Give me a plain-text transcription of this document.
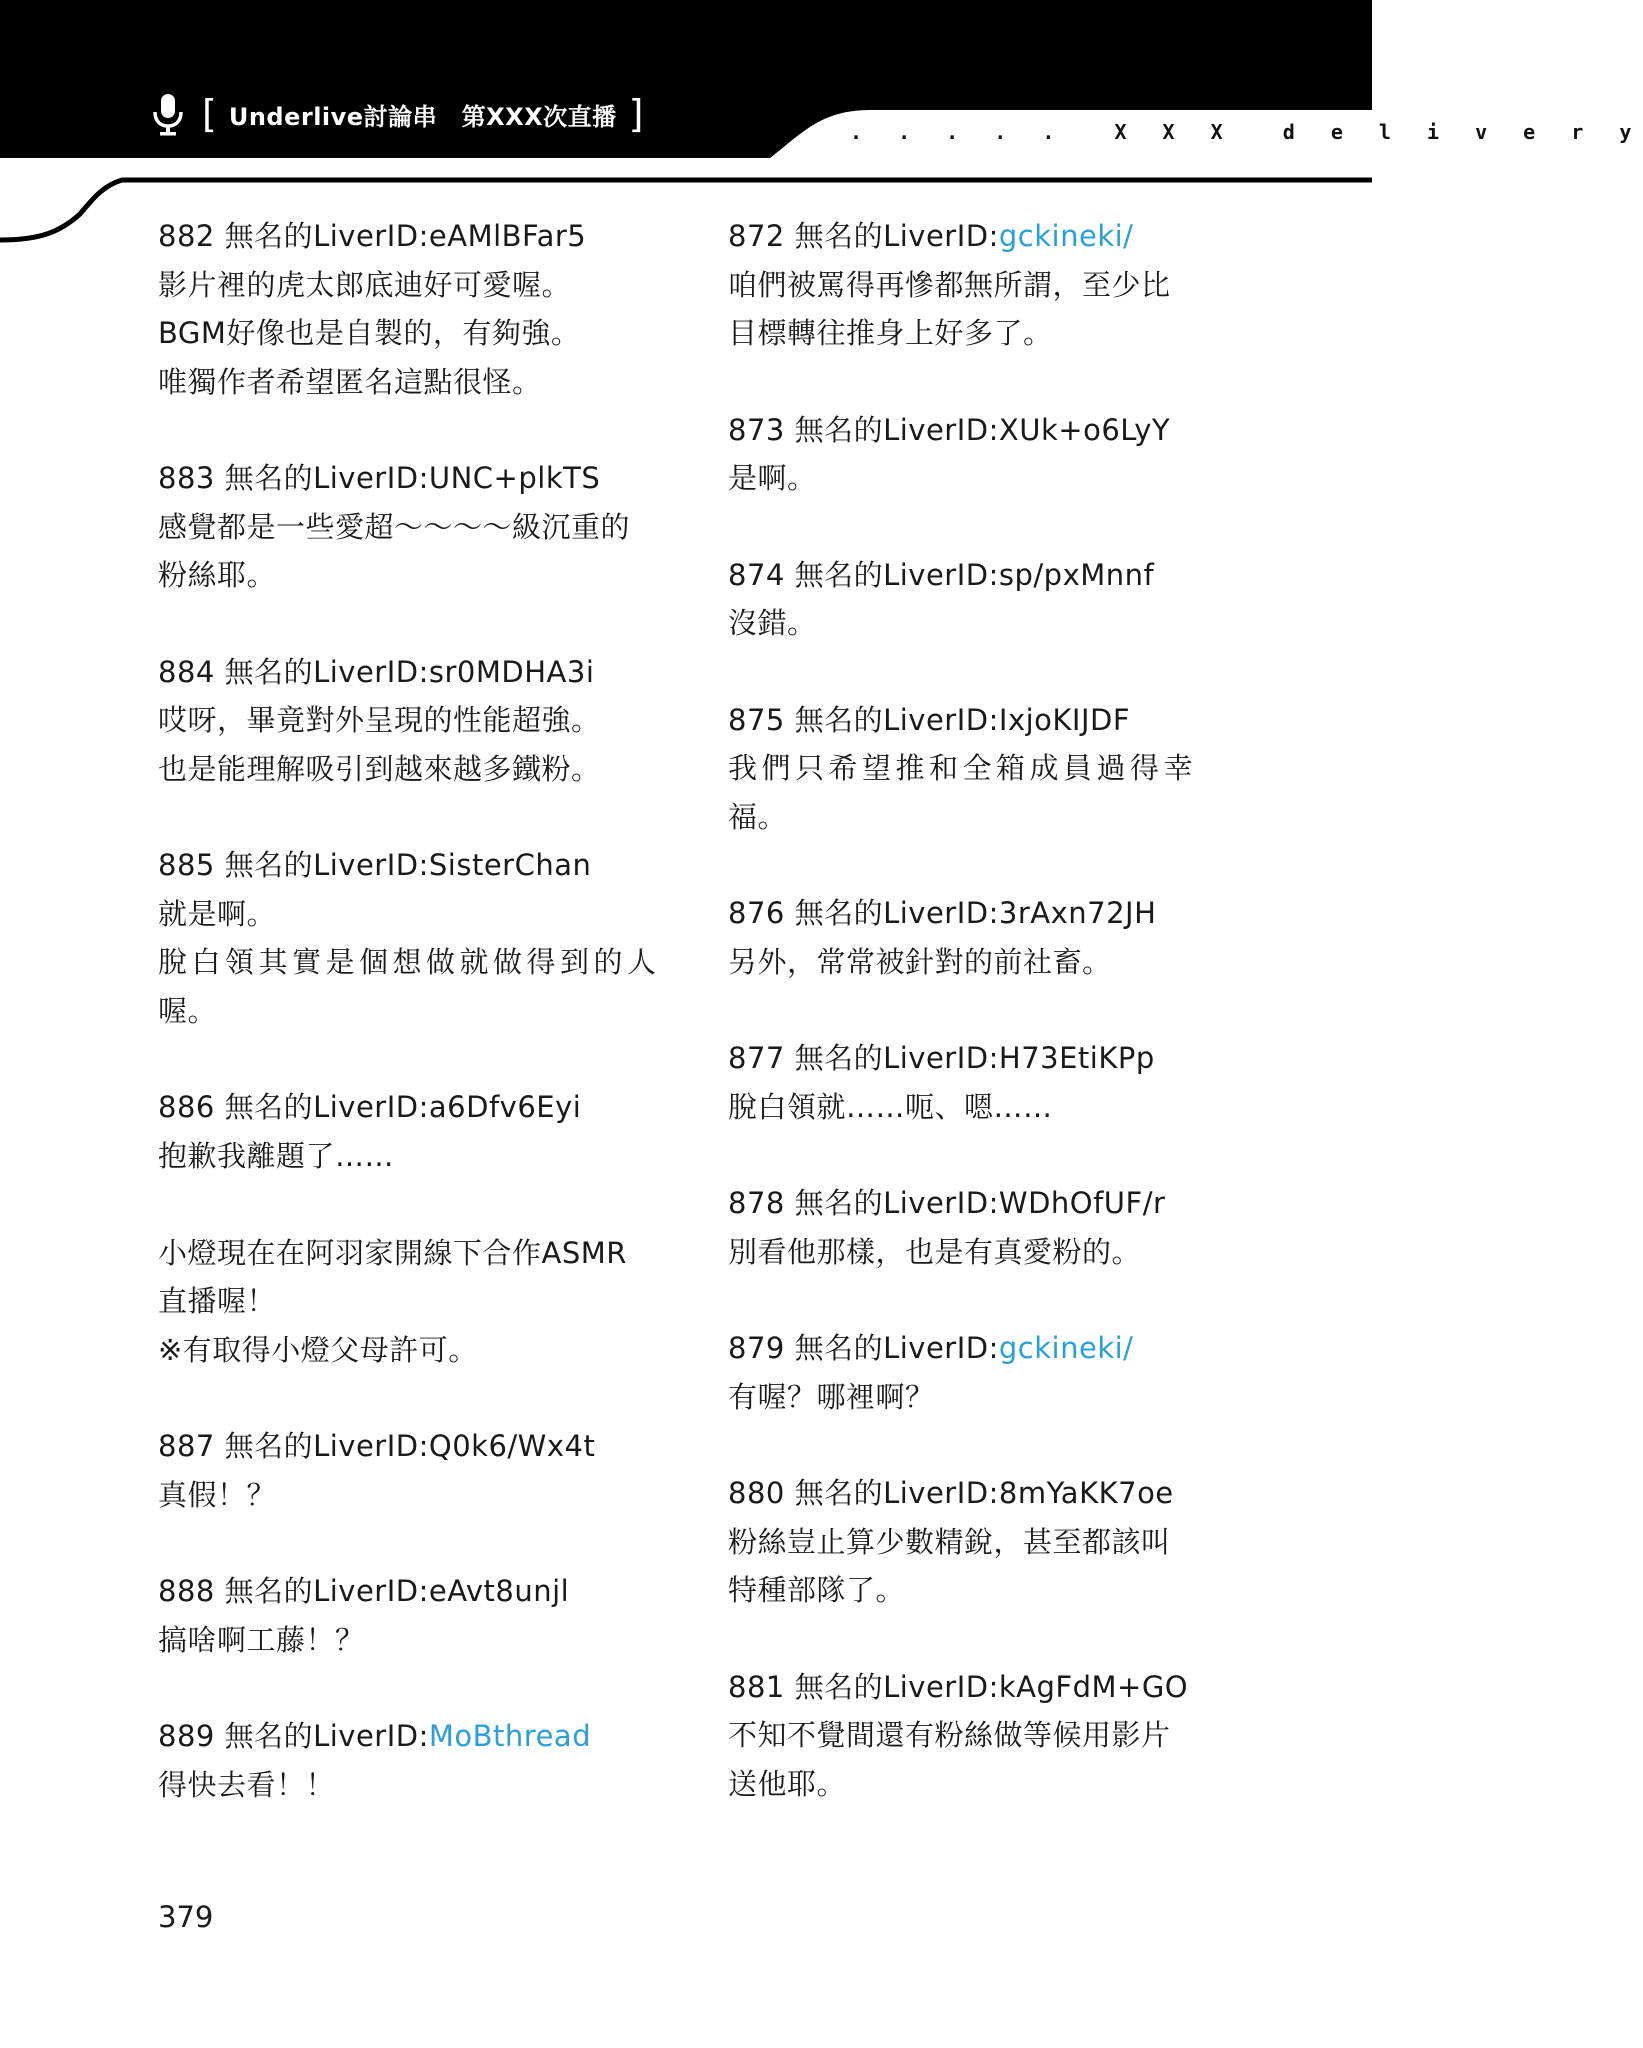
[ Underlive討論串　第XXX次直播 ]	. . . . .  X X X  d e l i v e r y
882 無名的LiverID:eAMlBFar5
影片裡的虎太郎底迪好可愛喔。
BGM好像也是自製的，有夠強。
唯獨作者希望匿名這點很怪。
883 無名的LiverID:UNC+plkTS
感覺都是一些愛超〜〜〜〜級沉重的
粉絲耶。
884 無名的LiverID:sr0MDHA3i
哎呀，畢竟對外呈現的性能超強。
也是能理解吸引到越來越多鐵粉。
885 無名的LiverID:SisterChan
就是啊。
脫白領其實是個想做就做得到的人
喔。
886 無名的LiverID:a6Dfv6Eyi
抱歉我離題了……
小燈現在在阿羽家開線下合作ASMR
直播喔！
※有取得小燈父母許可。
887 無名的LiverID:Q0k6/Wx4t
真假！？
888 無名的LiverID:eAvt8unjl
搞啥啊工藤！？
889 無名的LiverID:MoBthread
得快去看！！
872 無名的LiverID:gckineki/
咱們被罵得再慘都無所謂，至少比
目標轉往推身上好多了。
873 無名的LiverID:XUk+o6LyY
是啊。
874 無名的LiverID:sp/pxMnnf
沒錯。
875 無名的LiverID:IxjoKIJDF
我們只希望推和全箱成員過得幸
福。
876 無名的LiverID:3rAxn72JH
另外，常常被針對的前社畜。
877 無名的LiverID:H73EtiKPp
脫白領就……呃、嗯……
878 無名的LiverID:WDhOfUF/r
別看他那樣，也是有真愛粉的。
879 無名的LiverID:gckineki/
有喔？哪裡啊？
880 無名的LiverID:8mYaKK7oe
粉絲豈止算少數精銳，甚至都該叫
特種部隊了。
881 無名的LiverID:kAgFdM+GO
不知不覺間還有粉絲做等候用影片
送他耶。
379
